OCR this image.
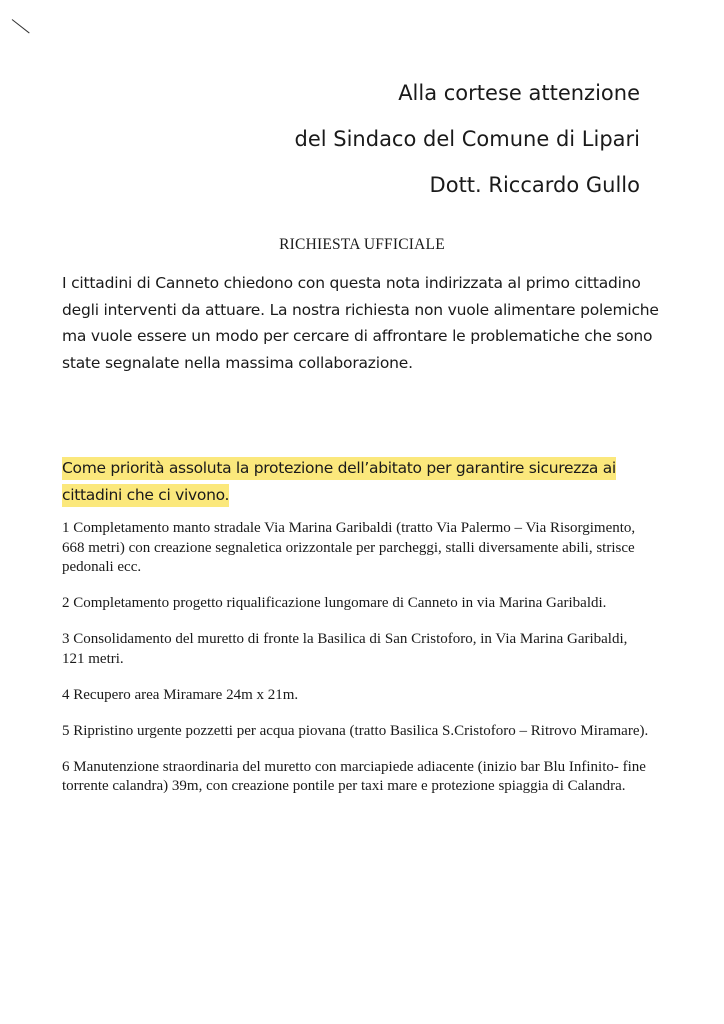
Alla cortese attenzione
del Sindaco del Comune di Lipari
Dott. Riccardo Gullo
RICHIESTA UFFICIALE

I cittadini di Canneto chiedono con questa nota indirizzata al primo cittadino degli interventi da attuare. La nostra richiesta non vuole alimentare polemiche ma vuole essere un modo per cercare di affrontare le problematiche che sono state segnalate nella massima collaborazione.

Come priorità assoluta la protezione dell’abitato per garantire sicurezza ai cittadini che ci vivono.

1 Completamento manto stradale Via Marina Garibaldi (tratto Via Palermo – Via Risorgimento, 668 metri) con creazione segnaletica orizzontale per parcheggi, stalli diversamente abili, strisce pedonali ecc.

2 Completamento progetto riqualificazione lungomare di Canneto in via Marina Garibaldi.

3 Consolidamento del muretto di fronte la Basilica di San Cristoforo, in Via Marina Garibaldi, 121 metri.

4 Recupero area Miramare 24m x 21m.

5 Ripristino urgente pozzetti per acqua piovana (tratto Basilica S.Cristoforo – Ritrovo Miramare).

6 Manutenzione straordinaria del muretto con marciapiede adiacente (inizio bar Blu Infinito- fine torrente calandra) 39m, con creazione pontile per taxi mare e protezione spiaggia di Calandra.
